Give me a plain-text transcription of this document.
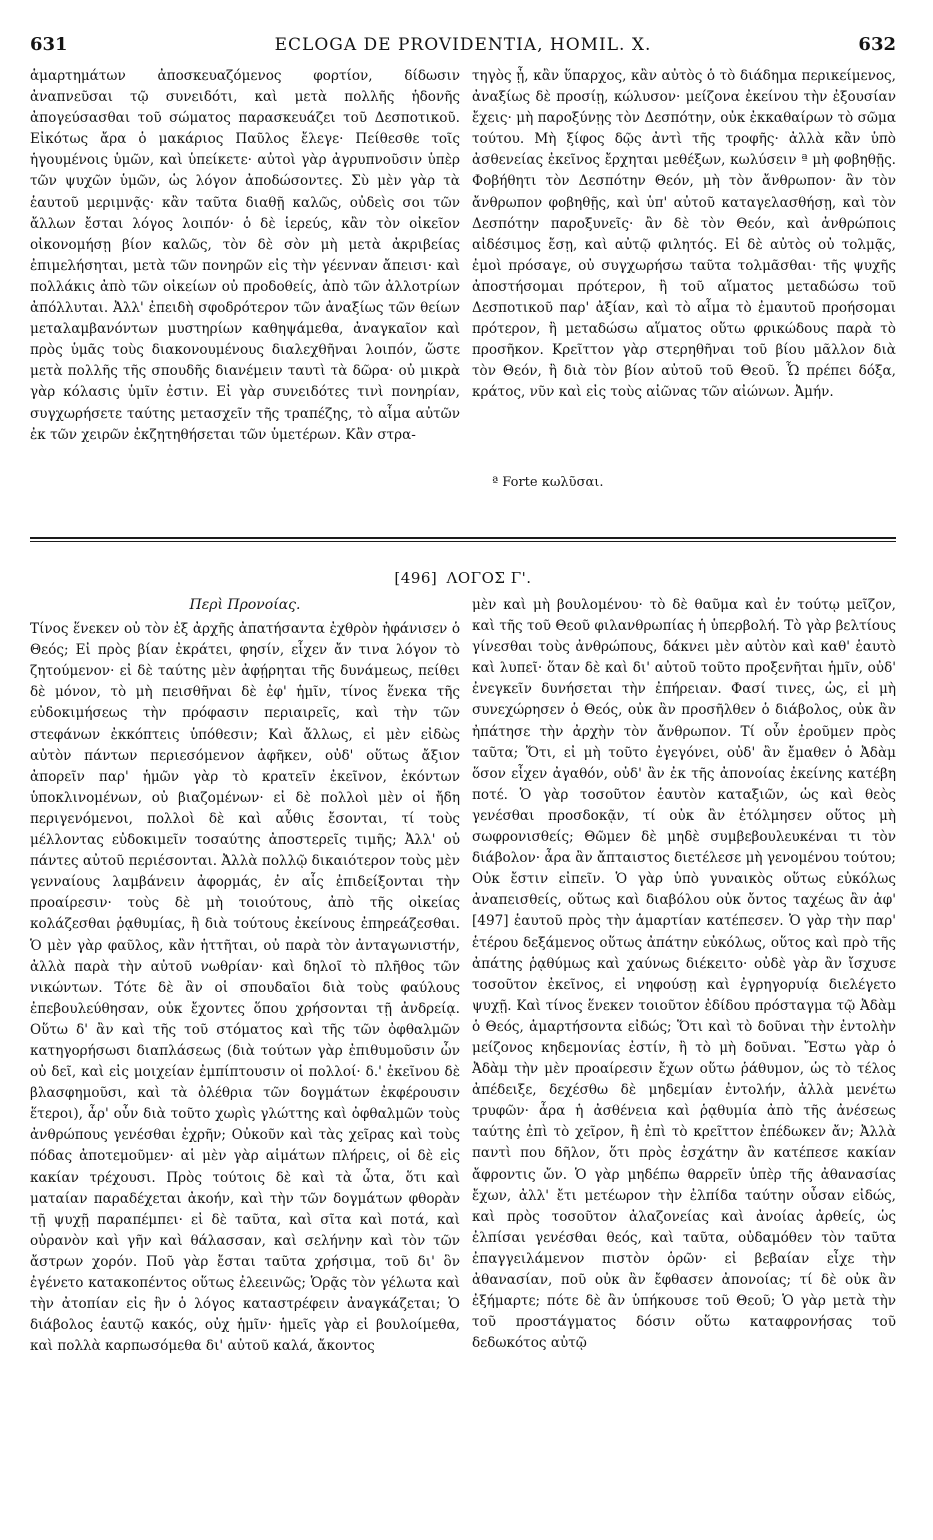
631	ECLOGA DE PROVIDENTIA, HOMIL. X.	632

ἁμαρτημάτων ἀποσκευαζόμενος φορτίον, δίδωσιν ἀναπνεῦσαι τῷ συνειδότι, καὶ μετὰ πολλῆς ἡδονῆς ἀπογεύσασθαι τοῦ σώματος παρασκευάζει τοῦ Δεσποτικοῦ. Εἰκότως ἄρα ὁ μακάριος Παῦλος ἔλεγε· Πείθεσθε τοῖς ἡγουμένοις ὑμῶν, καὶ ὑπείκετε· αὐτοὶ γὰρ ἀγρυπνοῦσιν ὑπὲρ τῶν ψυχῶν ὑμῶν, ὡς λόγον ἀποδώσοντες. Σὺ μὲν γὰρ τὰ ἑαυτοῦ μεριμνᾷς· κἂν ταῦτα διαθῇ καλῶς, οὐδεὶς σοι τῶν ἄλλων ἔσται λόγος λοιπόν· ὁ δὲ ἱερεύς, κἂν τὸν οἰκεῖον οἰκονομήσῃ βίον καλῶς, τὸν δὲ σὸν μὴ μετὰ ἀκριβείας ἐπιμελήσηται, μετὰ τῶν πονηρῶν εἰς τὴν γέενναν ἄπεισι· καὶ πολλάκις ἀπὸ τῶν οἰκείων οὐ προδοθείς, ἀπὸ τῶν ἀλλοτρίων ἀπόλλυται. Ἀλλ' ἐπειδὴ σφοδρότερον τῶν ἀναξίως τῶν θείων μεταλαμβανόντων μυστηρίων καθηψάμεθα, ἀναγκαῖον καὶ πρὸς ὑμᾶς τοὺς διακονουμένους διαλεχθῆναι λοιπόν, ὥστε μετὰ πολλῆς τῆς σπουδῆς διανέμειν ταυτὶ τὰ δῶρα· οὐ μικρὰ γὰρ κόλασις ὑμῖν ἐστιν. Εἰ γὰρ συνειδότες τινὶ πονηρίαν, συγχωρήσετε ταύτης μετασχεῖν τῆς τραπέζης, τὸ αἷμα αὐτῶν ἐκ τῶν χειρῶν ἐκζητηθήσεται τῶν ὑμετέρων. Κἂν στρα-

τηγὸς ᾖ, κἂν ὕπαρχος, κἂν αὐτὸς ὁ τὸ διάδημα περικείμενος, ἀναξίως δὲ προσίῃ, κώλυσον· μείζονα ἐκείνου τὴν ἐξουσίαν ἔχεις· μὴ παροξύνῃς τὸν Δεσπότην, οὐκ ἐκκαθαίρων τὸ σῶμα τούτου. Μὴ ξίφος δῷς ἀντὶ τῆς τροφῆς· ἀλλὰ κἂν ὑπὸ ἀσθενείας ἐκεῖνος ἔρχηται μεθέξων, κωλύσειν ª μὴ φοβηθῇς. Φοβήθητι τὸν Δεσπότην Θεόν, μὴ τὸν ἄνθρωπον· ἂν τὸν ἄνθρωπον φοβηθῇς, καὶ ὑπ' αὐτοῦ καταγελασθήσῃ, καὶ τὸν Δεσπότην παροξυνεῖς· ἂν δὲ τὸν Θεόν, καὶ ἀνθρώποις αἰδέσιμος ἔσῃ, καὶ αὐτῷ φιλητός. Εἰ δὲ αὐτὸς οὐ τολμᾷς, ἐμοὶ πρόσαγε, οὐ συγχωρήσω ταῦτα τολμᾶσθαι· τῆς ψυχῆς ἀποστήσομαι πρότερον, ἢ τοῦ αἵματος μεταδώσω τοῦ Δεσποτικοῦ παρ' ἀξίαν, καὶ τὸ αἷμα τὸ ἐμαυτοῦ προήσομαι πρότερον, ἢ μεταδώσω αἵματος οὕτω φρικώδους παρὰ τὸ προσῆκον. Κρεῖττον γὰρ στερηθῆναι τοῦ βίου μᾶλλον διὰ τὸν Θεόν, ἢ διὰ τὸν βίον αὐτοῦ τοῦ Θεοῦ. Ὧ πρέπει δόξα, κράτος, νῦν καὶ εἰς τοὺς αἰῶνας τῶν αἰώνων. Ἀμήν.

ª Forte κωλῦσαι.
[496] ΛΟΓΟΣ Γ'.

Περὶ Προνοίας.

Τίνος ἕνεκεν οὐ τὸν ἐξ ἀρχῆς ἀπατήσαντα ἐχθρὸν ἠφάνισεν ὁ Θεός; Εἰ πρὸς βίαν ἐκράτει, φησίν, εἶχεν ἄν τινα λόγον τὸ ζητούμενον· εἰ δὲ ταύτης μὲν ἀφῄρηται τῆς δυνάμεως, πείθει δὲ μόνον, τὸ μὴ πεισθῆναι δὲ ἐφ' ἡμῖν, τίνος ἕνεκα τῆς εὐδοκιμήσεως τὴν πρόφασιν περιαιρεῖς, καὶ τὴν τῶν στεφάνων ἐκκόπτεις ὑπόθεσιν; Καὶ ἄλλως, εἰ μὲν εἰδὼς αὐτὸν πάντων περιεσόμενον ἀφῆκεν, οὐδ' οὕτως ἄξιον ἀπορεῖν παρ' ἡμῶν γὰρ τὸ κρατεῖν ἐκεῖνον, ἑκόντων ὑποκλινομένων, οὐ βιαζομένων· εἰ δὲ πολλοὶ μὲν οἱ ἤδη περιγενόμενοι, πολλοὶ δὲ καὶ αὖθις ἔσονται, τί τοὺς μέλλοντας εὐδοκιμεῖν τοσαύτης ἀποστερεῖς τιμῆς; Ἀλλ' οὐ πάντες αὐτοῦ περιέσονται. Ἀλλὰ πολλῷ δικαιότερον τοὺς μὲν γενναίους λαμβάνειν ἀφορμάς, ἐν αἷς ἐπιδείξονται τὴν προαίρεσιν· τοὺς δὲ μὴ τοιούτους, ἀπὸ τῆς οἰκείας κολάζεσθαι ῥᾳθυμίας, ἢ διὰ τούτους ἐκείνους ἐπηρεάζεσθαι. Ὁ μὲν γὰρ φαῦλος, κἂν ἡττῆται, οὐ παρὰ τὸν ἀνταγωνιστήν, ἀλλὰ παρὰ τὴν αὐτοῦ νωθρίαν· καὶ δηλοῖ τὸ πλῆθος τῶν νικώντων. Τότε δὲ ἂν οἱ σπουδαῖοι διὰ τοὺς φαύλους ἐπεβουλεύθησαν, οὐκ ἔχοντες ὅπου χρήσονται τῇ ἀνδρείᾳ. Οὕτω δ' ἂν καὶ τῆς τοῦ στόματος καὶ τῆς τῶν ὀφθαλμῶν κατηγορήσωσι διαπλάσεως (διὰ τούτων γὰρ ἐπιθυμοῦσιν ὧν οὐ δεῖ, καὶ εἰς μοιχείαν ἐμπίπτουσιν οἱ πολλοί· δ.' ἐκεῖνου δὲ βλασφημοῦσι, καὶ τὰ ὀλέθρια τῶν δογμάτων ἐκφέρουσιν ἕτεροι), ἆρ' οὖν διὰ τοῦτο χωρὶς γλώττης καὶ ὀφθαλμῶν τοὺς ἀνθρώπους γενέσθαι ἐχρῆν; Οὐκοῦν καὶ τὰς χεῖρας καὶ τοὺς πόδας ἀποτεμοῦμεν· αἱ μὲν γὰρ αἱμάτων πλήρεις, οἱ δὲ εἰς κακίαν τρέχουσι. Πρὸς τούτοις δὲ καὶ τὰ ὦτα, ὅτι καὶ ματαίαν παραδέχεται ἀκοήν, καὶ τὴν τῶν δογμάτων φθορὰν τῇ ψυχῇ παραπέμπει· εἰ δὲ ταῦτα, καὶ σῖτα καὶ ποτά, καὶ οὐρανὸν καὶ γῆν καὶ θάλασσαν, καὶ σελήνην καὶ τὸν τῶν ἄστρων χορόν. Ποῦ γὰρ ἔσται ταῦτα χρήσιμα, τοῦ δι' ὃν ἐγένετο κατακοπέντος οὕτως ἐλεεινῶς; Ὁρᾷς τὸν γέλωτα καὶ τὴν ἀτοπίαν εἰς ἣν ὁ λόγος καταστρέφειν ἀναγκάζεται; Ὁ διάβολος ἑαυτῷ κακός, οὐχ ἡμῖν· ἡμεῖς γὰρ εἰ βουλοίμεθα, καὶ πολλὰ καρπωσόμεθα δι' αὐτοῦ καλά, ἄκοντος

μὲν καὶ μὴ βουλομένου· τὸ δὲ θαῦμα καὶ ἐν τούτῳ μεῖζον, καὶ τῆς τοῦ Θεοῦ φιλανθρωπίας ἡ ὑπερβολή. Τὸ γὰρ βελτίους γίνεσθαι τοὺς ἀνθρώπους, δάκνει μὲν αὐτὸν καὶ καθ' ἑαυτὸ καὶ λυπεῖ· ὅταν δὲ καὶ δι' αὐτοῦ τοῦτο προξενῆται ἡμῖν, οὐδ' ἐνεγκεῖν δυνήσεται τὴν ἐπήρειαν. Φασί τινες, ὡς, εἰ μὴ συνεχώρησεν ὁ Θεός, οὐκ ἂν προσῆλθεν ὁ διάβολος, οὐκ ἂν ἠπάτησε τὴν ἀρχὴν τὸν ἄνθρωπον. Τί οὖν ἐροῦμεν πρὸς ταῦτα; Ὅτι, εἰ μὴ τοῦτο ἐγεγόνει, οὐδ' ἂν ἔμαθεν ὁ Ἀδὰμ ὅσον εἶχεν ἀγαθόν, οὐδ' ἂν ἐκ τῆς ἀπονοίας ἐκείνης κατέβη ποτέ. Ὁ γὰρ τοσοῦτον ἑαυτὸν καταξιῶν, ὡς καὶ θεὸς γενέσθαι προσδοκᾷν, τί οὐκ ἂν ἐτόλμησεν οὕτος μὴ σωφρονισθείς; Θῶμεν δὲ μηδὲ συμβεβουλευκέναι τι τὸν διάβολον· ἆρα ἂν ἄπταιστος διετέλεσε μὴ γενομένου τούτου; Οὐκ ἔστιν εἰπεῖν. Ὁ γὰρ ὑπὸ γυναικὸς οὕτως εὐκόλως ἀναπεισθείς, οὕτως καὶ διαβόλου οὐκ ὄντος ταχέως ἂν ἀφ' [497] ἑαυτοῦ πρὸς τὴν ἁμαρτίαν κατέπεσεν. Ὁ γὰρ τὴν παρ' ἑτέρου δεξάμενος οὕτως ἀπάτην εὐκόλως, οὕτος καὶ πρὸ τῆς ἀπάτης ῥᾳθύμως καὶ χαύνως διέκειτο· οὐδὲ γὰρ ἂν ἴσχυσε τοσοῦτον ἐκεῖνος, εἰ νηφούσῃ καὶ ἐγρηγορυίᾳ διελέγετο ψυχῇ. Καὶ τίνος ἕνεκεν τοιοῦτον ἐδίδου πρόσταγμα τῷ Ἀδὰμ ὁ Θεός, ἁμαρτήσοντα εἰδώς; Ὅτι καὶ τὸ δοῦναι τὴν ἐντολὴν μείζονος κηδεμονίας ἐστίν, ἢ τὸ μὴ δοῦναι. Ἔστω γὰρ ὁ Ἀδὰμ τὴν μὲν προαίρεσιν ἔχων οὕτω ῥάθυμον, ὡς τὸ τέλος ἀπέδειξε, δεχέσθω δὲ μηδεμίαν ἐντολήν, ἀλλὰ μενέτω τρυφῶν· ἆρα ἡ ἀσθένεια καὶ ῥᾳθυμία ἀπὸ τῆς ἀνέσεως ταύτης ἐπὶ τὸ χεῖρον, ἢ ἐπὶ τὸ κρεῖττον ἐπέδωκεν ἄν; Ἀλλὰ παντὶ που δῆλον, ὅτι πρὸς ἐσχάτην ἂν κατέπεσε κακίαν ἄφροντις ὤν. Ὁ γὰρ μηδέπω θαρρεῖν ὑπὲρ τῆς ἀθανασίας ἔχων, ἀλλ' ἔτι μετέωρον τὴν ἐλπίδα ταύτην οὖσαν εἰδώς, καὶ πρὸς τοσοῦτον ἀλαζονείας καὶ ἀνοίας ἀρθείς, ὡς ἐλπίσαι γενέσθαι θεός, καὶ ταῦτα, οὐδαμόθεν τὸν ταῦτα ἐπαγγειλάμενον πιστὸν ὁρῶν· εἰ βεβαίαν εἶχε τὴν ἀθανασίαν, ποῦ οὐκ ἂν ἔφθασεν ἀπονοίας; τί δὲ οὐκ ἂν ἐξήμαρτε; πότε δὲ ἂν ὑπήκουσε τοῦ Θεοῦ; Ὁ γὰρ μετὰ τὴν τοῦ προστάγματος δόσιν οὕτω καταφρονήσας τοῦ δεδωκότος αὐτῷ
